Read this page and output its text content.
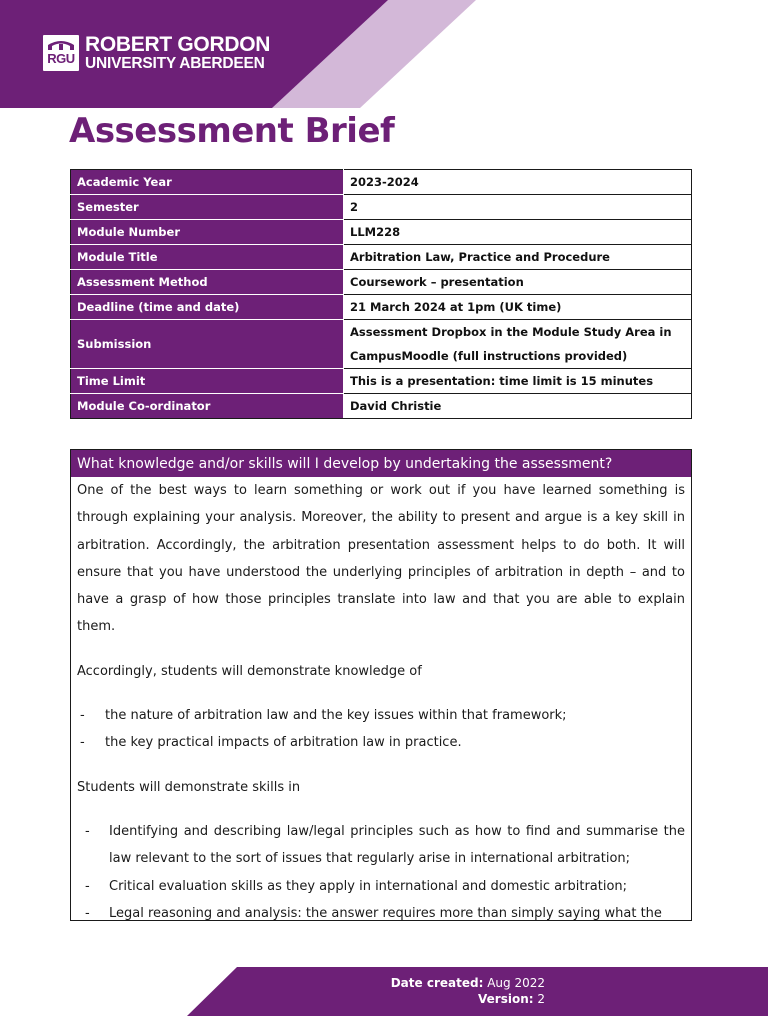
RGU
ROBERT GORDON
UNIVERSITY ABERDEEN
Assessment Brief
Academic Year	2023-2024
Semester	2
Module Number	LLM228
Module Title	Arbitration Law, Practice and Procedure
Assessment Method	Coursework – presentation
Deadline (time and date)	21 March 2024 at 1pm (UK time)
Submission	Assessment Dropbox in the Module Study Area in CampusMoodle (full instructions provided)
Time Limit	This is a presentation: time limit is 15 minutes
Module Co-ordinator	David Christie
What knowledge and/or skills will I develop by undertaking the assessment?

One of the best ways to learn something or work out if you have learned something is through explaining your analysis. Moreover, the ability to present and argue is a key skill in arbitration. Accordingly, the arbitration presentation assessment helps to do both. It will ensure that you have understood the underlying principles of arbitration in depth – and to have a grasp of how those principles translate into law and that you are able to explain them.

Accordingly, students will demonstrate knowledge of

- the nature of arbitration law and the key issues within that framework;
- the key practical impacts of arbitration law in practice.

Students will demonstrate skills in

- Identifying and describing law/legal principles such as how to find and summarise the law relevant to the sort of issues that regularly arise in international arbitration;
- Critical evaluation skills as they apply in international and domestic arbitration;
- Legal reasoning and analysis: the answer requires more than simply saying what the
Date created: Aug 2022
Version: 2
